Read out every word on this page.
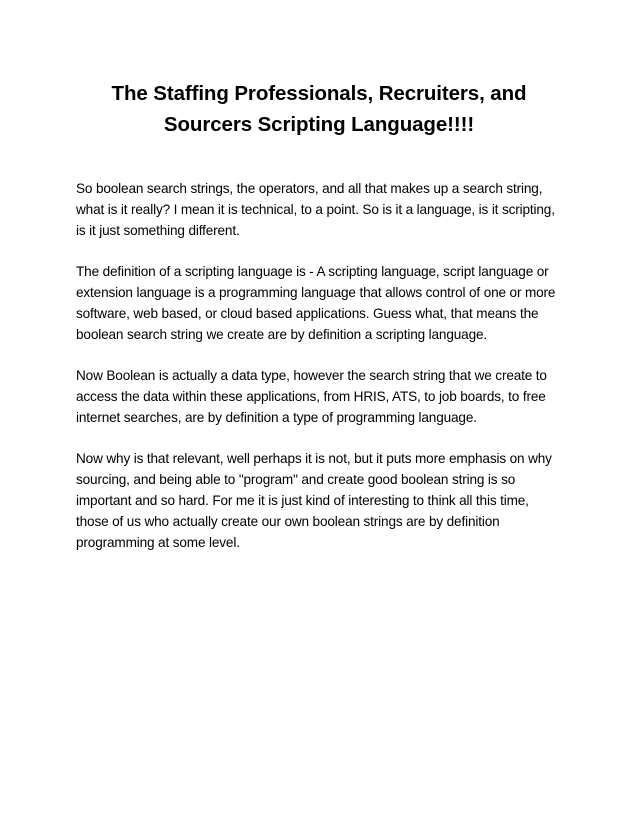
The Staffing Professionals, Recruiters, and
Sourcers Scripting Language!!!!

So boolean search strings, the operators, and all that makes up a search string,
what is it really? I mean it is technical, to a point. So is it a language, is it scripting,
is it just something different.

The definition of a scripting language is - A scripting language, script language or
extension language is a programming language that allows control of one or more
software, web based, or cloud based applications. Guess what, that means the
boolean search string we create are by definition a scripting language.

Now Boolean is actually a data type, however the search string that we create to
access the data within these applications, from HRIS, ATS, to job boards, to free
internet searches, are by definition a type of programming language.

Now why is that relevant, well perhaps it is not, but it puts more emphasis on why
sourcing, and being able to "program" and create good boolean string is so
important and so hard. For me it is just kind of interesting to think all this time,
those of us who actually create our own boolean strings are by definition
programming at some level.
